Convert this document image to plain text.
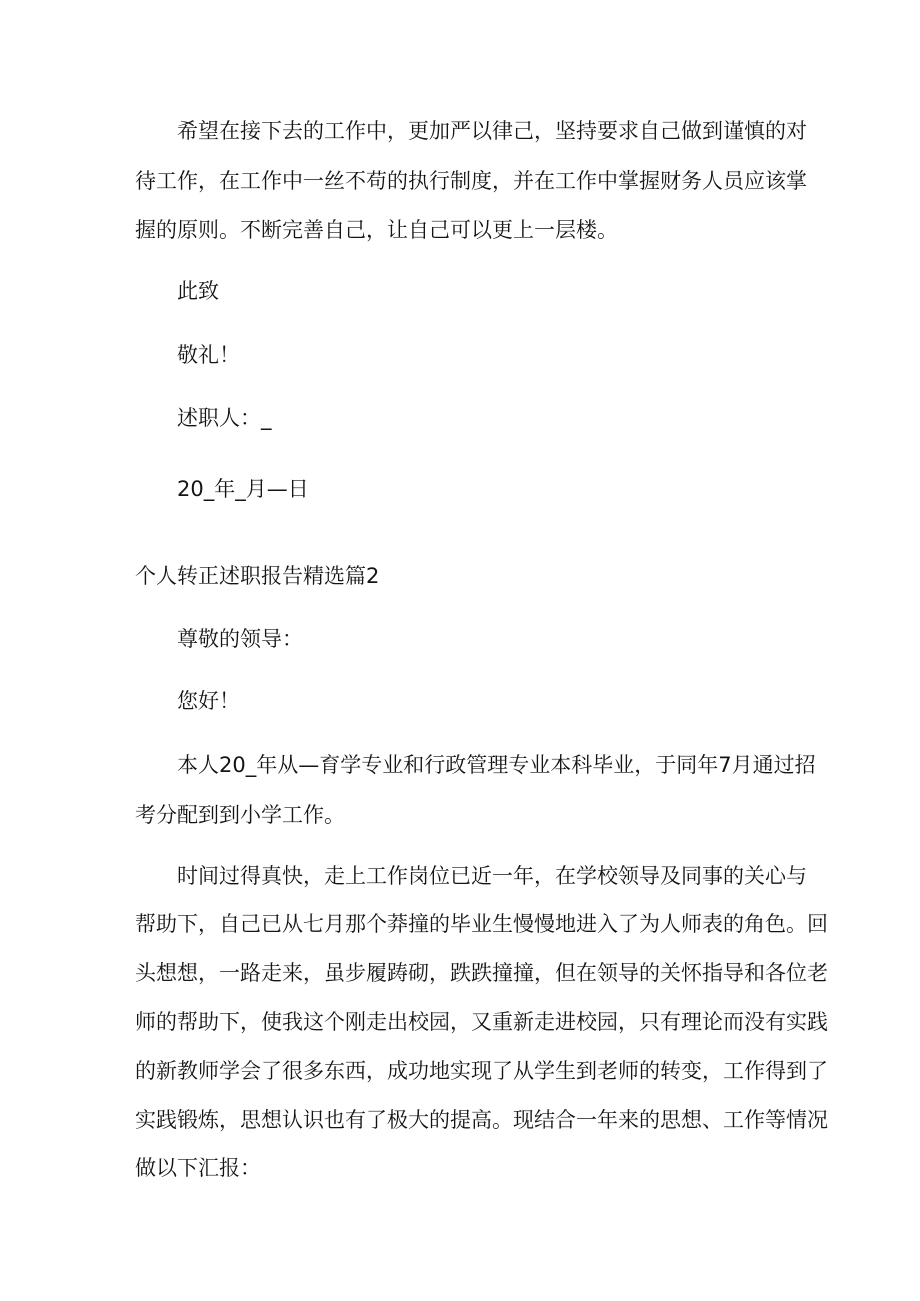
希望在接下去的工作中，更加严以律己，坚持要求自己做到谨慎的对
待工作，在工作中一丝不苟的执行制度，并在工作中掌握财务人员应该掌
握的原则。不断完善自己，让自己可以更上一层楼。
此致
敬礼！
述职人：_
20_年_月—日
个人转正述职报告精选篇2
尊敬的领导：
您好！
本人20_年从—育学专业和行政管理专业本科毕业，于同年7月通过招
考分配到到小学工作。
时间过得真快，走上工作岗位已近一年，在学校领导及同事的关心与
帮助下，自己已从七月那个莽撞的毕业生慢慢地进入了为人师表的角色。回
头想想，一路走来，虽步履踌砌，跌跌撞撞，但在领导的关怀指导和各位老
师的帮助下，使我这个刚走出校园，又重新走进校园，只有理论而没有实践
的新教师学会了很多东西，成功地实现了从学生到老师的转变，工作得到了
实践锻炼，思想认识也有了极大的提高。现结合一年来的思想、工作等情况
做以下汇报：
